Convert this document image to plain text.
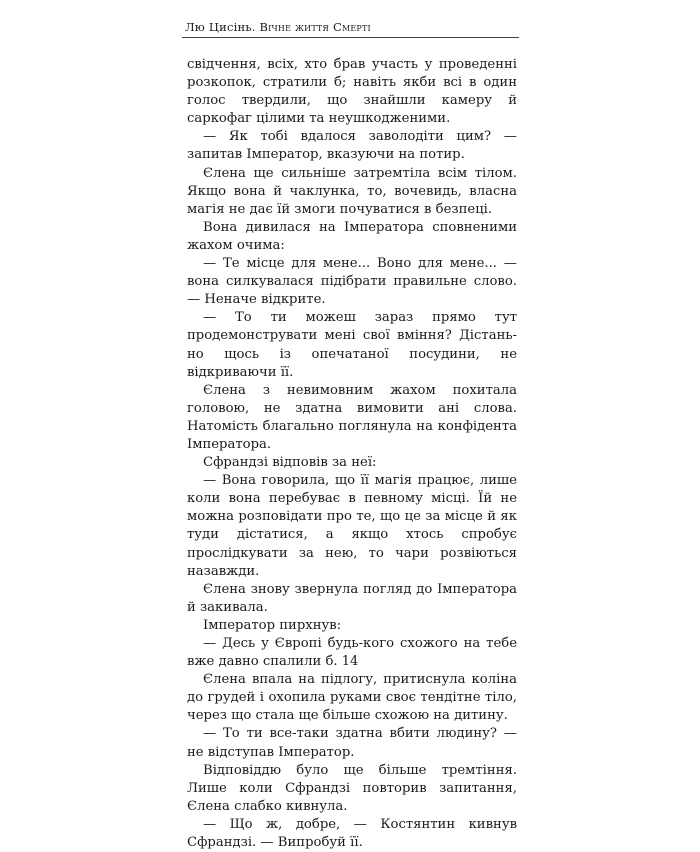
Лю Цисінь. Вічне життя Смерті

свідчення, всіх, хто брав участь у проведенні розкопок, стратили б; навіть якби всі в один голос твердили, що знайшли камеру й саркофаг цілими та неушкодженими.

— Як тобі вдалося заволодіти цим? — запитав Імператор, вказуючи на потир.

Єлена ще сильніше затремтіла всім тілом. Якщо вона й чаклунка, то, вочевидь, власна магія не дає їй змоги почуватися в безпеці.

Вона дивилася на Імператора сповненими жахом очима:

— Те місце для мене... Воно для мене... — вона силкувалася підібрати правильне слово. — Неначе відкрите.

— То ти можеш зараз прямо тут продемонструвати мені свої вміння? Дістань-но щось із опечатаної посудини, не відкриваючи її.

Єлена з невимовним жахом похитала головою, не здатна вимовити ані слова. Натомість благально поглянула на конфідента Імператора.

Сфрандзі відповів за неї:

— Вона говорила, що її магія працює, лише коли вона перебуває в певному місці. Їй не можна розповідати про те, що це за місце й як туди дістатися, а якщо хтось спробує прослідкувати за нею, то чари розвіються назавжди.

Єлена знову звернула погляд до Імператора й закивала.

Імператор пирхнув:

— Десь у Європі будь-кого схожого на тебе вже давно спалили б.

Єлена впала на підлогу, притиснула коліна до грудей і охопила руками своє тендітне тіло, через що стала ще більше схожою на дитину.

— То ти все-таки здатна вбити людину? — не відступав Імператор.

Відповіддю було ще більше тремтіння. Лише коли Сфрандзі повторив запитання, Єлена слабко кивнула.

— Що ж, добре, — Костянтин кивнув Сфрандзі. — Випробуй її.

14
